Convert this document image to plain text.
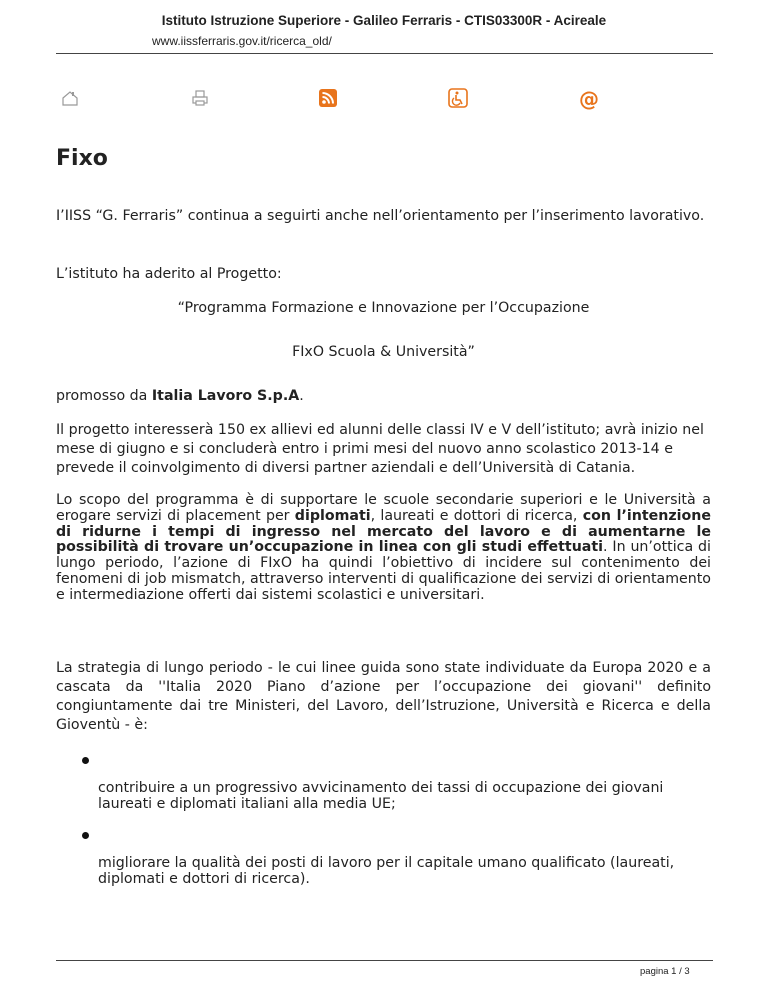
Istituto Istruzione Superiore - Galileo Ferraris - CTIS03300R - Acireale
www.iissferraris.gov.it/ricerca_old/
@
Fixo

I’IISS “G. Ferraris” continua a seguirti anche nell’orientamento per l’inserimento lavorativo.

L’istituto ha aderito al Progetto:

“Programma Formazione e Innovazione per l’Occupazione

FIxO Scuola & Università”

promosso da Italia Lavoro S.p.A.

Il progetto interesserà 150 ex allievi ed alunni delle classi IV e V dell’istituto; avrà inizio nel mese di giugno e si concluderà entro i primi mesi del nuovo anno scolastico 2013-14 e prevede il coinvolgimento di diversi partner aziendali e dell’Università di Catania.

Lo scopo del programma è di supportare le scuole secondarie superiori e le Università a erogare servizi di placement per diplomati, laureati e dottori di ricerca, con l’intenzione di ridurne i tempi di ingresso nel mercato del lavoro e di aumentarne le possibilità di trovare un’occupazione in linea con gli studi effettuati. In un’ottica di lungo periodo, l’azione di FIxO ha quindi l’obiettivo di incidere sul contenimento dei fenomeni di job mismatch, attraverso interventi di qualificazione dei servizi di orientamento e intermediazione offerti dai sistemi scolastici e universitari.

La strategia di lungo periodo - le cui linee guida sono state individuate da Europa 2020 e a cascata da ''Italia 2020 Piano d’azione per l’occupazione dei giovani'' definito congiuntamente dai tre Ministeri, del Lavoro, dell’Istruzione, Università e Ricerca e della Gioventù - è:

contribuire a un progressivo avvicinamento dei tassi di occupazione dei giovani laureati e diplomati italiani alla media UE;

migliorare la qualità dei posti di lavoro per il capitale umano qualificato (laureati, diplomati e dottori di ricerca).

pagina 1 / 3
